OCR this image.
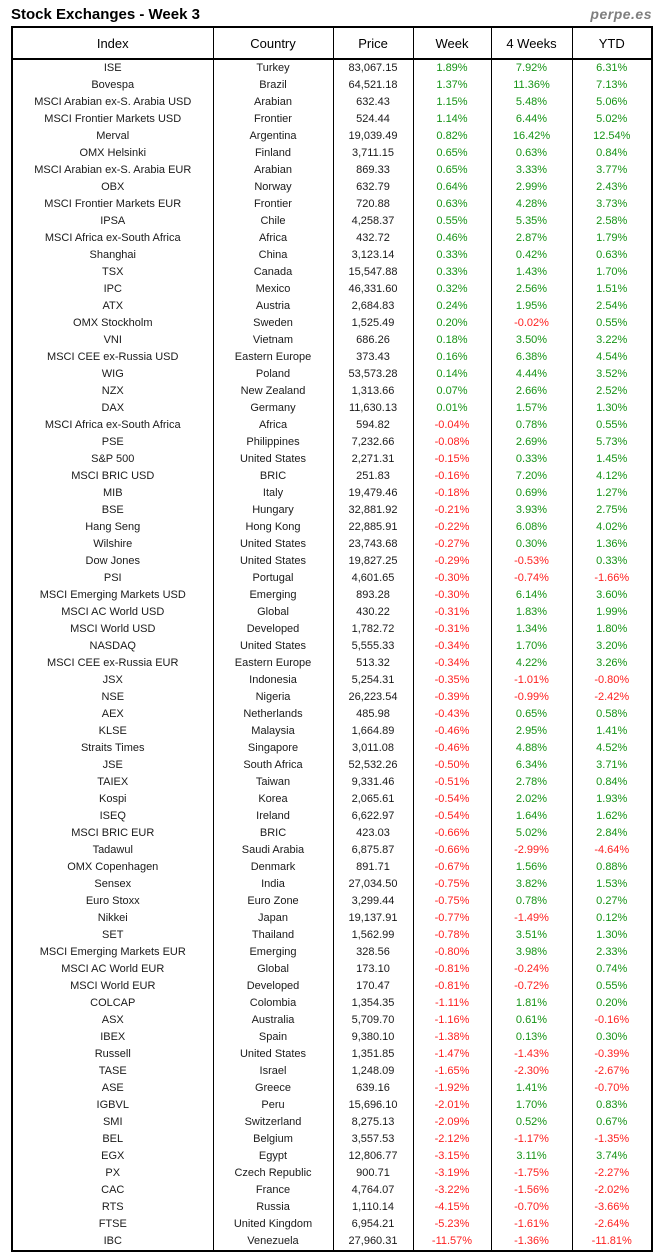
Stock Exchanges - Week 3	perpe.es
Index	Country	Price	Week	4 Weeks	YTD
ISE	Turkey	83,067.15	1.89%	7.92%	6.31%
Bovespa	Brazil	64,521.18	1.37%	11.36%	7.13%
MSCI Arabian ex-S. Arabia USD	Arabian	632.43	1.15%	5.48%	5.06%
MSCI Frontier Markets USD	Frontier	524.44	1.14%	6.44%	5.02%
Merval	Argentina	19,039.49	0.82%	16.42%	12.54%
OMX Helsinki	Finland	3,711.15	0.65%	0.63%	0.84%
MSCI Arabian ex-S. Arabia EUR	Arabian	869.33	0.65%	3.33%	3.77%
OBX	Norway	632.79	0.64%	2.99%	2.43%
MSCI Frontier Markets EUR	Frontier	720.88	0.63%	4.28%	3.73%
IPSA	Chile	4,258.37	0.55%	5.35%	2.58%
MSCI Africa ex-South Africa	Africa	432.72	0.46%	2.87%	1.79%
Shanghai	China	3,123.14	0.33%	0.42%	0.63%
TSX	Canada	15,547.88	0.33%	1.43%	1.70%
IPC	Mexico	46,331.60	0.32%	2.56%	1.51%
ATX	Austria	2,684.83	0.24%	1.95%	2.54%
OMX Stockholm	Sweden	1,525.49	0.20%	-0.02%	0.55%
VNI	Vietnam	686.26	0.18%	3.50%	3.22%
MSCI CEE ex-Russia USD	Eastern Europe	373.43	0.16%	6.38%	4.54%
WIG	Poland	53,573.28	0.14%	4.44%	3.52%
NZX	New Zealand	1,313.66	0.07%	2.66%	2.52%
DAX	Germany	11,630.13	0.01%	1.57%	1.30%
MSCI Africa ex-South Africa	Africa	594.82	-0.04%	0.78%	0.55%
PSE	Philippines	7,232.66	-0.08%	2.69%	5.73%
S&P 500	United States	2,271.31	-0.15%	0.33%	1.45%
MSCI BRIC USD	BRIC	251.83	-0.16%	7.20%	4.12%
MIB	Italy	19,479.46	-0.18%	0.69%	1.27%
BSE	Hungary	32,881.92	-0.21%	3.93%	2.75%
Hang Seng	Hong Kong	22,885.91	-0.22%	6.08%	4.02%
Wilshire	United States	23,743.68	-0.27%	0.30%	1.36%
Dow Jones	United States	19,827.25	-0.29%	-0.53%	0.33%
PSI	Portugal	4,601.65	-0.30%	-0.74%	-1.66%
MSCI Emerging Markets USD	Emerging	893.28	-0.30%	6.14%	3.60%
MSCI AC World USD	Global	430.22	-0.31%	1.83%	1.99%
MSCI World USD	Developed	1,782.72	-0.31%	1.34%	1.80%
NASDAQ	United States	5,555.33	-0.34%	1.70%	3.20%
MSCI CEE ex-Russia EUR	Eastern Europe	513.32	-0.34%	4.22%	3.26%
JSX	Indonesia	5,254.31	-0.35%	-1.01%	-0.80%
NSE	Nigeria	26,223.54	-0.39%	-0.99%	-2.42%
AEX	Netherlands	485.98	-0.43%	0.65%	0.58%
KLSE	Malaysia	1,664.89	-0.46%	2.95%	1.41%
Straits Times	Singapore	3,011.08	-0.46%	4.88%	4.52%
JSE	South Africa	52,532.26	-0.50%	6.34%	3.71%
TAIEX	Taiwan	9,331.46	-0.51%	2.78%	0.84%
Kospi	Korea	2,065.61	-0.54%	2.02%	1.93%
ISEQ	Ireland	6,622.97	-0.54%	1.64%	1.62%
MSCI BRIC EUR	BRIC	423.03	-0.66%	5.02%	2.84%
Tadawul	Saudi Arabia	6,875.87	-0.66%	-2.99%	-4.64%
OMX Copenhagen	Denmark	891.71	-0.67%	1.56%	0.88%
Sensex	India	27,034.50	-0.75%	3.82%	1.53%
Euro Stoxx	Euro Zone	3,299.44	-0.75%	0.78%	0.27%
Nikkei	Japan	19,137.91	-0.77%	-1.49%	0.12%
SET	Thailand	1,562.99	-0.78%	3.51%	1.30%
MSCI Emerging Markets EUR	Emerging	328.56	-0.80%	3.98%	2.33%
MSCI AC World EUR	Global	173.10	-0.81%	-0.24%	0.74%
MSCI World EUR	Developed	170.47	-0.81%	-0.72%	0.55%
COLCAP	Colombia	1,354.35	-1.11%	1.81%	0.20%
ASX	Australia	5,709.70	-1.16%	0.61%	-0.16%
IBEX	Spain	9,380.10	-1.38%	0.13%	0.30%
Russell	United States	1,351.85	-1.47%	-1.43%	-0.39%
TASE	Israel	1,248.09	-1.65%	-2.30%	-2.67%
ASE	Greece	639.16	-1.92%	1.41%	-0.70%
IGBVL	Peru	15,696.10	-2.01%	1.70%	0.83%
SMI	Switzerland	8,275.13	-2.09%	0.52%	0.67%
BEL	Belgium	3,557.53	-2.12%	-1.17%	-1.35%
EGX	Egypt	12,806.77	-3.15%	3.11%	3.74%
PX	Czech Republic	900.71	-3.19%	-1.75%	-2.27%
CAC	France	4,764.07	-3.22%	-1.56%	-2.02%
RTS	Russia	1,110.14	-4.15%	-0.70%	-3.66%
FTSE	United Kingdom	6,954.21	-5.23%	-1.61%	-2.64%
IBC	Venezuela	27,960.31	-11.57%	-1.36%	-11.81%
